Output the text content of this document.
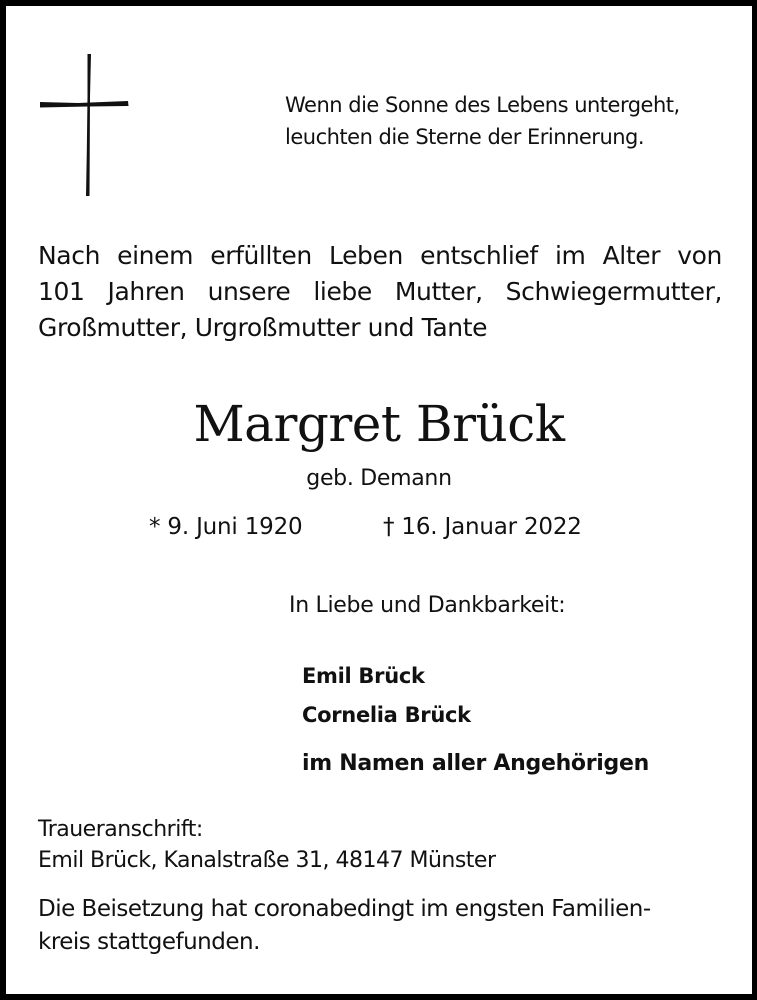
Wenn die Sonne des Lebens untergeht,
leuchten die Sterne der Erinnerung.
Nach einem erfüllten Leben entschlief im Alter von
101 Jahren unsere liebe Mutter, Schwiegermutter,
Großmutter, Urgroßmutter und Tante
Margret Brück
geb. Demann
* 9. Juni 1920	† 16. Januar 2022
In Liebe und Dankbarkeit:
Emil Brück
Cornelia Brück
im Namen aller Angehörigen
Traueranschrift:
Emil Brück, Kanalstraße 31, 48147 Münster
Die Beisetzung hat coronabedingt im engsten Familien-
kreis stattgefunden.
